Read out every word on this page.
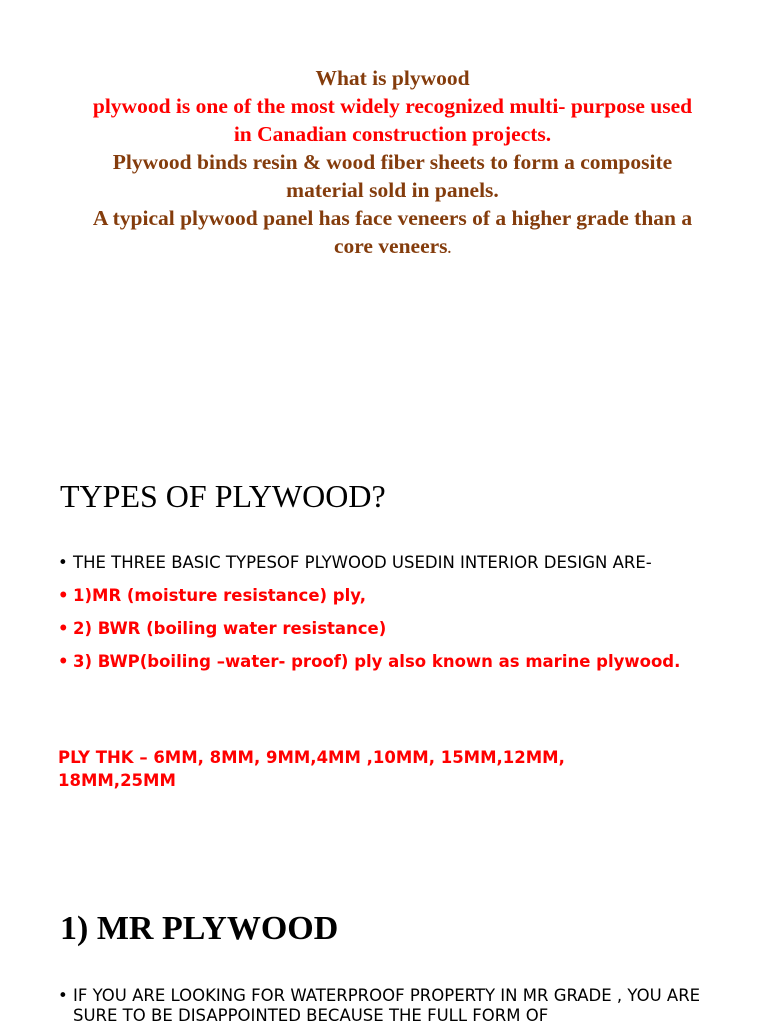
What is plywood
plywood is one of the most widely recognized multi- purpose used
in Canadian construction projects.
Plywood binds resin & wood fiber sheets to form a composite
material sold in panels.
A typical plywood panel has face veneers of a higher grade than a
core veneers.
TYPES OF PLYWOOD?
• THE THREE BASIC TYPESOF PLYWOOD USEDIN INTERIOR DESIGN ARE-
• 1)MR (moisture resistance) ply,
• 2) BWR (boiling water resistance)
• 3) BWP(boiling –water- proof) ply also known as marine plywood.

PLY THK – 6MM, 8MM, 9MM,4MM ,10MM, 15MM,12MM, 18MM,25MM

1) MR PLYWOOD
• IF YOU ARE LOOKING FOR WATERPROOF PROPERTY IN MR GRADE , YOU ARE SURE TO BE DISAPPOINTED BECAUSE THE FULL FORM OF
